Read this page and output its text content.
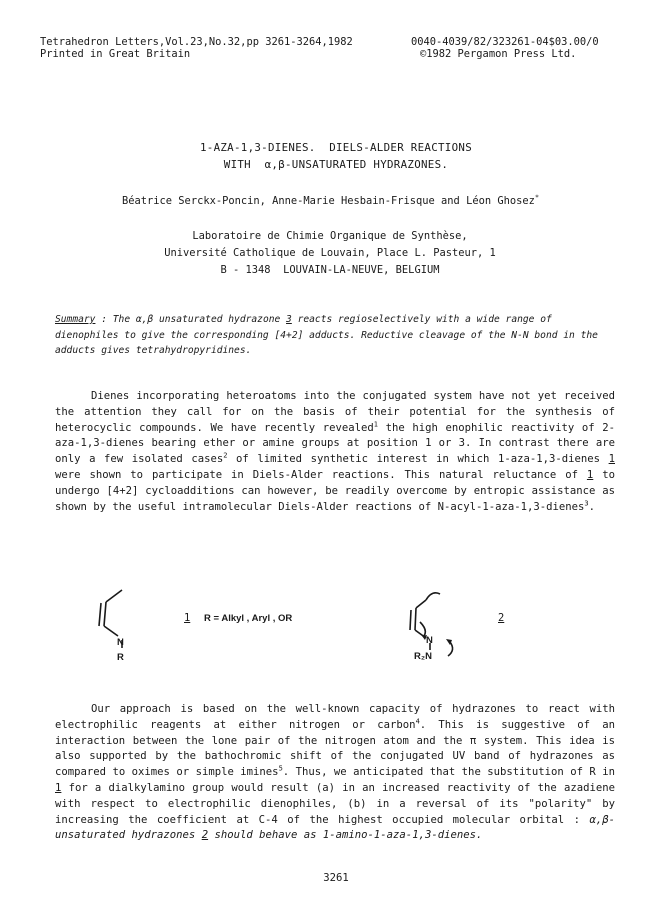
Tetrahedron Letters,Vol.23,No.32,pp 3261-3264,1982	0040-4039/82/323261-04$03.00/0
Printed in Great Britain	©1982 Pergamon Press Ltd.
1-AZA-1,3-DIENES.  DIELS-ALDER REACTIONS
WITH α,β-UNSATURATED HYDRAZONES.
Béatrice Serckx-Poncin, Anne-Marie Hesbain-Frisque and Léon Ghosez*
Laboratoire de Chimie Organique de Synthèse,
Université Catholique de Louvain, Place L. Pasteur, 1
B - 1348  LOUVAIN-LA-NEUVE, BELGIUM
Summary : The α,β unsaturated hydrazone 3 reacts regioselectively with a wide range of dienophiles to give the corresponding [4+2] adducts. Reductive cleavage of the N-N bond in the adducts gives tetrahydropyridines.
Dienes incorporating heteroatoms into the conjugated system have not yet received the attention they call for on the basis of their potential for the synthesis of heterocyclic compounds. We have recently revealed$^1$ the high enophilic reactivity of 2-aza-1,3-dienes bearing ether or amine groups at position 1 or 3. In contrast there are only a few isolated cases$^2$ of limited synthetic interest in which 1-aza-1,3-dienes 1 were shown to participate in Diels-Alder reactions. This natural reluctance of 1 to undergo [4+2] cycloadditions can however, be readily overcome by entropic assistance as shown by the useful intramolecular Diels-Alder reactions of N-acyl-1-aza-1,3-dienes$^3$.
N
R
1 R = Alkyl , Aryl , OR
N
R₂N
2
Our approach is based on the well-known capacity of hydrazones to react with electrophilic reagents at either nitrogen or carbon$^4$. This is suggestive of an interaction between the lone pair of the nitrogen atom and the π system. This idea is also supported by the bathochromic shift of the conjugated UV band of hydrazones as compared to oximes or simple imines$^5$. Thus, we anticipated that the substitution of R in 1 for a dialkylamino group would result (a) in an increased reactivity of the azadiene with respect to electrophilic dienophiles, (b) in a reversal of its "polarity" by increasing the coefficient at C-4 of the highest occupied molecular orbital : α,β-unsaturated hydrazones 2 should behave as 1-amino-1-aza-1,3-dienes.
3261
